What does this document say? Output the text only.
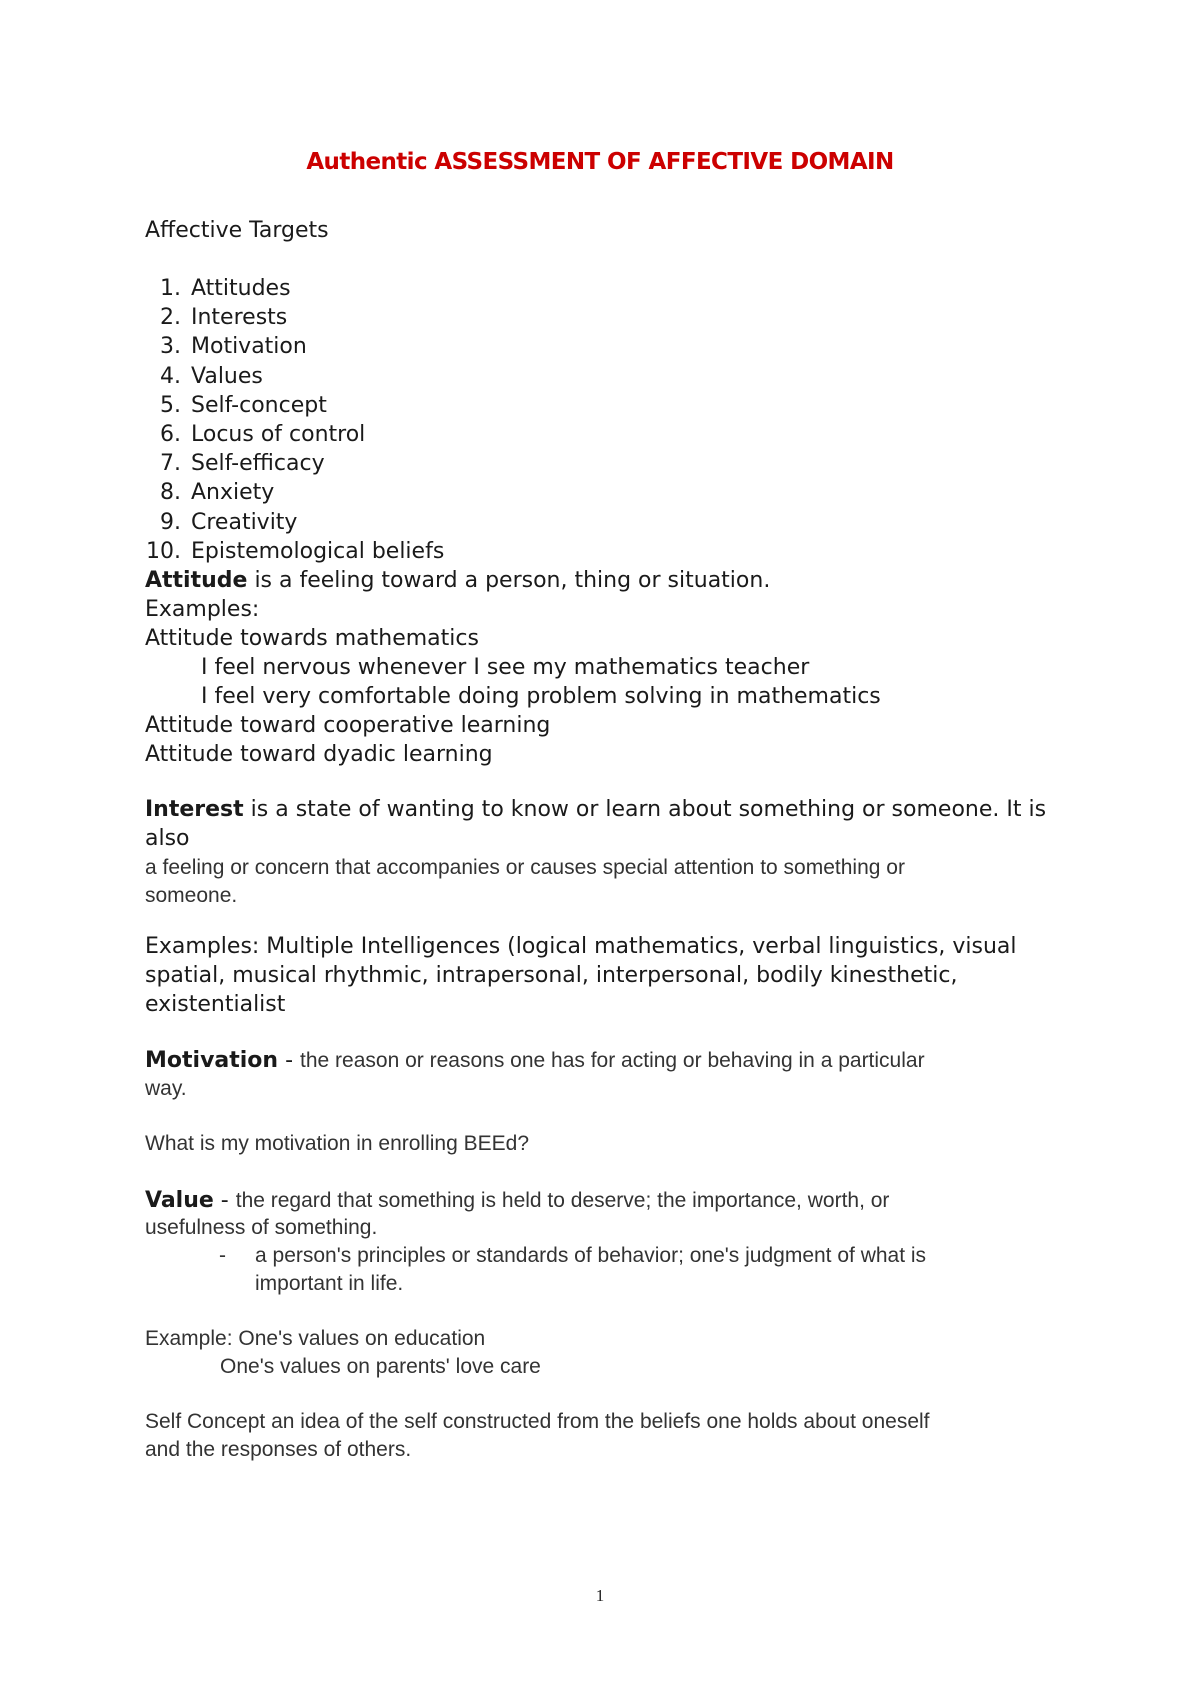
Authentic ASSESSMENT OF AFFECTIVE DOMAIN
Affective Targets
1. Attitudes
2. Interests
3. Motivation
4. Values
5. Self-concept
6. Locus of control
7. Self-efficacy
8. Anxiety
9. Creativity
10. Epistemological beliefs
Attitude is a feeling toward a person, thing or situation.
Examples:
Attitude towards mathematics
I feel nervous whenever I see my mathematics teacher
I feel very comfortable doing problem solving in mathematics
Attitude toward cooperative learning
Attitude toward dyadic learning
Interest is a state of wanting to know or learn about something or someone. It is
also
a feeling or concern that accompanies or causes special attention to something or
someone.
Examples: Multiple Intelligences (logical mathematics, verbal linguistics, visual
spatial, musical rhythmic, intrapersonal, interpersonal, bodily kinesthetic,
existentialist
Motivation - the reason or reasons one has for acting or behaving in a particular
way.
What is my motivation in enrolling BEEd?
Value - the regard that something is held to deserve; the importance, worth, or
usefulness of something.
- a person's principles or standards of behavior; one's judgment of what is
important in life.
Example: One's values on education
One's values on parents' love care
Self Concept an idea of the self constructed from the beliefs one holds about oneself
and the responses of others.
1
